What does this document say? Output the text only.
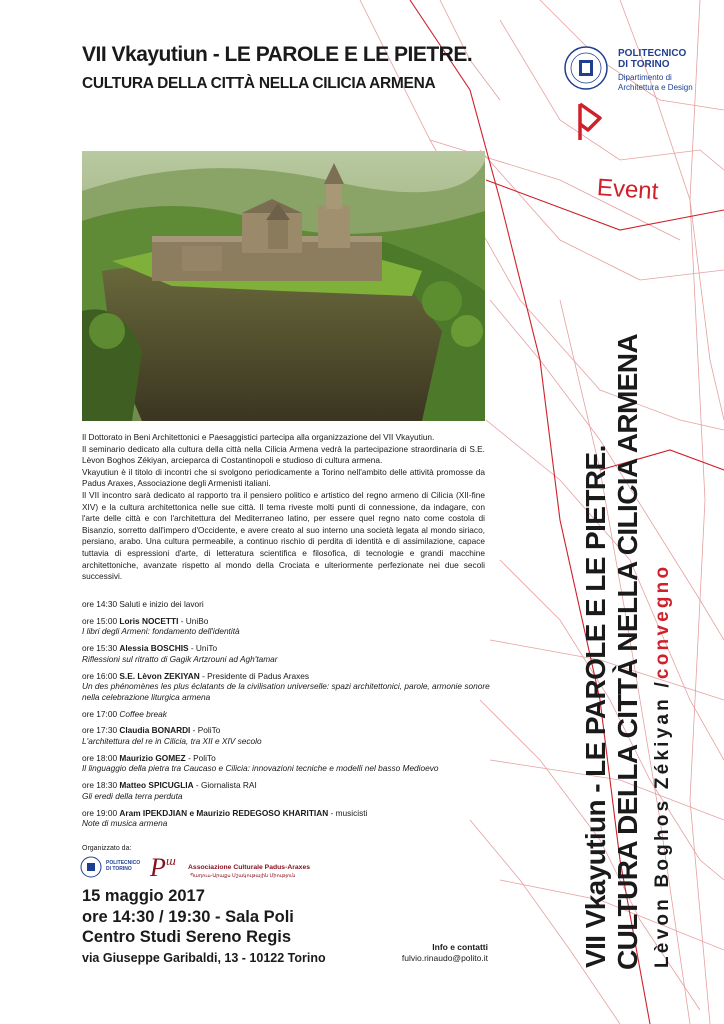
VII Vkayutiun - LE PAROLE E LE PIETRE.
CULTURA DELLA CITTÀ NELLA CILICIA ARMENA
POLITECNICO
DI TORINO
Dipartimento di
Architettura e Design
Event

Il Dottorato in Beni Architettonici e Paesaggistici partecipa alla organizzazione del VII Vkayutiun.

Il seminario dedicato alla cultura della città nella Cilicia Armena vedrà la partecipazione straordinaria di S.E. Lèvon Boghos Zékiyan, arcieparca di Costantinopoli e studioso di cultura armena.

Vkayutiun è il titolo di incontri che si svolgono periodicamente a Torino nell'ambito delle attività promosse da Padus Araxes, Associazione degli Armenisti italiani.

Il VII incontro sarà dedicato al rapporto tra il pensiero politico e artistico del regno armeno di Cilicia (XII-fine XIV) e la cultura architettonica nelle sue città. Il tema riveste molti punti di connessione, da indagare, con l'arte delle città e con l'architettura del Mediterraneo latino, per essere quel regno nato come costola di Bisanzio, sorretto dall'impero d'Occidente, e avere creato al suo interno una società legata al mondo siriaco, persiano, arabo. Una cultura permeabile, a continuo rischio di perdita di identità e di assimilazione, capace tuttavia di espressioni d'arte, di letteratura scientifica e filosofica, di tecnologie e grandi macchine architettoniche, avanzate rispetto al mondo della Crociata e ulteriormente perfezionate nei due secoli successivi.

ore 14:30 Saluti e inizio dei lavori
ore 15:00 Loris NOCETTI - UniBo
I libri degli Armeni: fondamento dell'identità
ore 15:30 Alessia BOSCHIS - UniTo
Riflessioni sul ritratto di Gagik Artzrouni ad Agh'tamar
ore 16:00 S.E. Lèvon ZEKIYAN - Presidente di Padus Araxes
Un des phénomènes les plus éclatants de la civilisation universelle: spazi architettonici, parole, armonie sonore nella celebrazione liturgica armena
ore 17:00 Coffee break
ore 17:30 Claudia BONARDI - PoliTo
L'architettura del re in Cilicia, tra XII e XIV secolo
ore 18:00 Maurizio GOMEZ - PoliTo
Il linguaggio della pietra tra Caucaso e Cilicia: innovazioni tecniche e modelli nel basso Medioevo
ore 18:30 Matteo SPICUGLIA - Giornalista RAI
Gli eredi della terra perduta
ore 19:00 Aram IPEKDJIAN e Maurizio REDEGOSO KHARITIAN - musicisti
Note di musica armena
Organizzato da:
POLITECNICO
DI TORINO P ш Associazione Culturale Padus-Araxes
Պադուս-Արաքս Մշակութային Միություն
15 maggio 2017
ore 14:30 / 19:30 - Sala Poli
Centro Studi Sereno Regis
via Giuseppe Garibaldi, 13 - 10122 Torino
Info e contatti
fulvio.rinaudo@polito.it	VII Vkayutiun - LE PAROLE E LE PIETRE. CULTURA DELLA CITTÀ NELLA CILICIA ARMENA Lèvon Boghos Zékiyan /convegno
